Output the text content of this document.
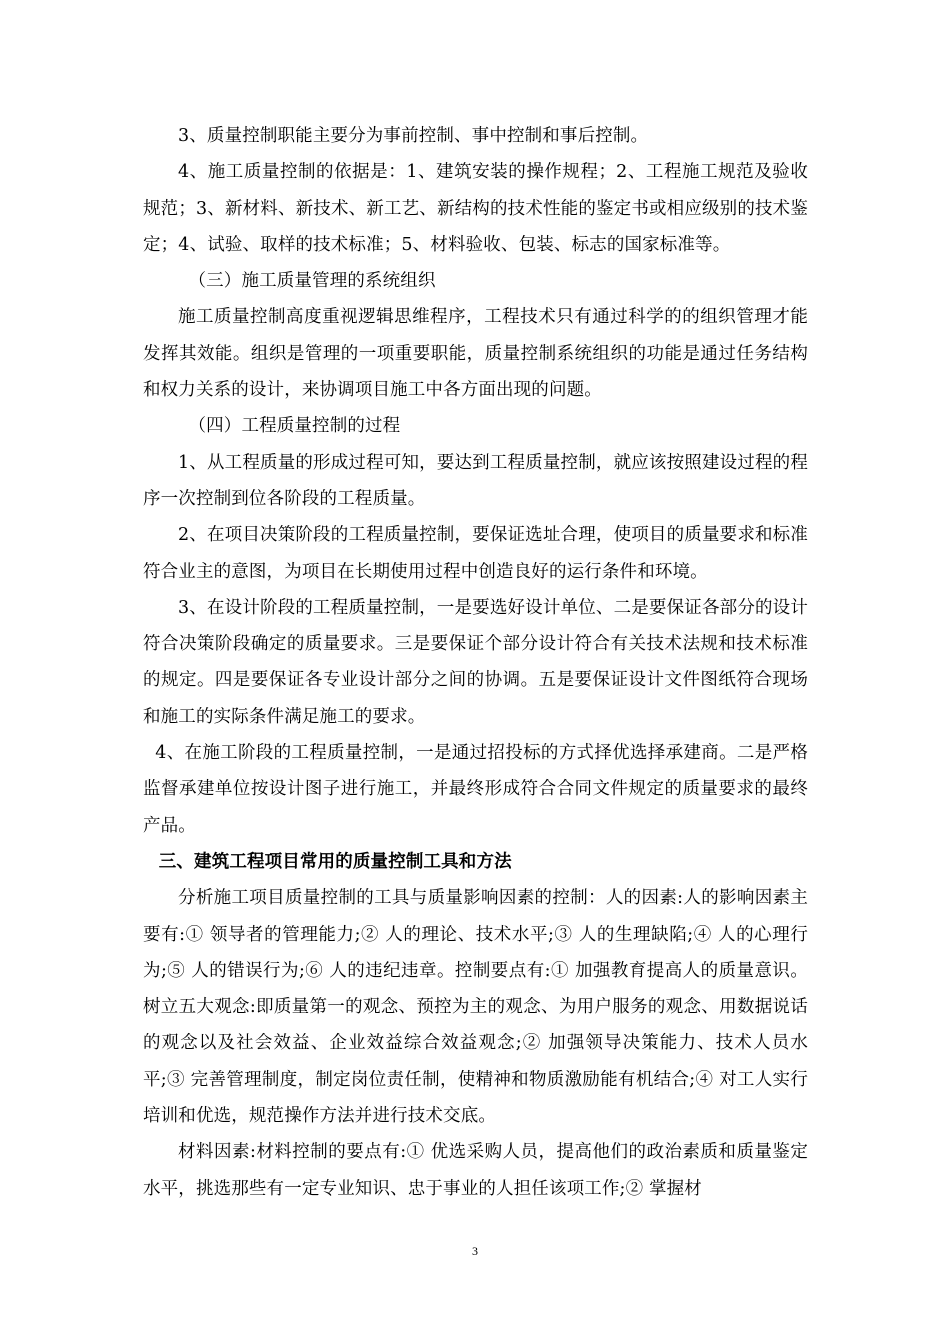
3、质量控制职能主要分为事前控制、事中控制和事后控制。

4、施工质量控制的依据是：1、建筑安装的操作规程；2、工程施工规范及验收规范；3、新材料、新技术、新工艺、新结构的技术性能的鉴定书或相应级别的技术鉴定；4、试验、取样的技术标准；5、材料验收、包装、标志的国家标准等。

（三）施工质量管理的系统组织

施工质量控制高度重视逻辑思维程序，工程技术只有通过科学的的组织管理才能发挥其效能。组织是管理的一项重要职能，质量控制系统组织的功能是通过任务结构和权力关系的设计，来协调项目施工中各方面出现的问题。

（四）工程质量控制的过程

1、从工程质量的形成过程可知，要达到工程质量控制，就应该按照建设过程的程序一次控制到位各阶段的工程质量。

2、在项目决策阶段的工程质量控制，要保证选址合理，使项目的质量要求和标准符合业主的意图，为项目在长期使用过程中创造良好的运行条件和环境。

3、在设计阶段的工程质量控制，一是要选好设计单位、二是要保证各部分的设计符合决策阶段确定的质量要求。三是要保证个部分设计符合有关技术法规和技术标准的规定。四是要保证各专业设计部分之间的协调。五是要保证设计文件图纸符合现场和施工的实际条件满足施工的要求。

4、在施工阶段的工程质量控制，一是通过招投标的方式择优选择承建商。二是严格监督承建单位按设计图子进行施工，并最终形成符合合同文件规定的质量要求的最终产品。

三、建筑工程项目常用的质量控制工具和方法

分析施工项目质量控制的工具与质量影响因素的控制：人的因素:人的影响因素主要有:① 领导者的管理能力;② 人的理论、技术水平;③ 人的生理缺陷;④ 人的心理行为;⑤ 人的错误行为;⑥ 人的违纪违章。控制要点有:① 加强教育提高人的质量意识。树立五大观念:即质量第一的观念、预控为主的观念、为用户服务的观念、用数据说话的观念以及社会效益、企业效益综合效益观念;② 加强领导决策能力、技术人员水平;③ 完善管理制度，制定岗位责任制，使精神和物质激励能有机结合;④ 对工人实行培训和优选，规范操作方法并进行技术交底。

材料因素:材料控制的要点有:① 优选采购人员，提高他们的政治素质和质量鉴定水平，挑选那些有一定专业知识、忠于事业的人担任该项工作;② 掌握材

3
